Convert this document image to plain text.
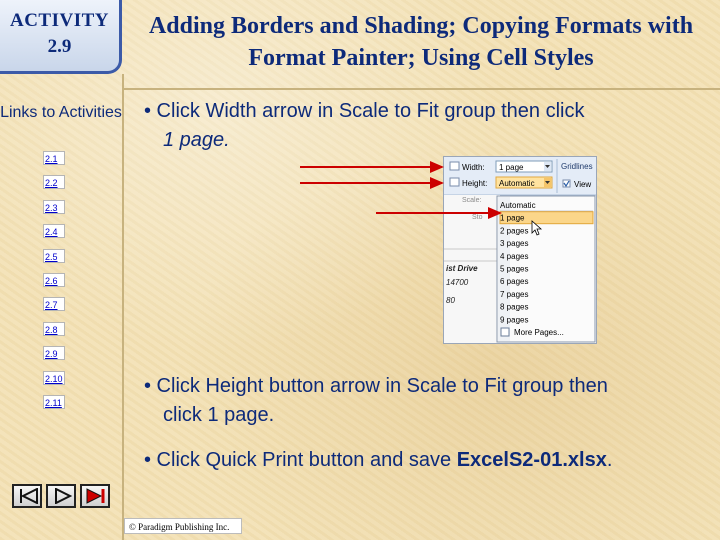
ACTIVITY
2.9
Adding Borders and Shading; Copying Formats with Format Painter; Using Cell Styles
Links to Activities
2.1
2.2
2.3
2.4
2.5
2.6
2.7
2.8
2.9
2.10
2.11
• Click Width arrow in Scale to Fit group then click
1 page.
• Click Height button arrow in Scale to Fit group then
click 1 page.
• Click Quick Print button and save ExcelS2-01.xlsx.
Width: 1 page
Height: Automatic
Gridlines
View
Scale:
Sto
ist Drive
14700
80
Automatic
1 page
2 pages
3 pages
4 pages
5 pages
6 pages
7 pages
8 pages
9 pages
More Pages...
© Paradigm Publishing Inc.
